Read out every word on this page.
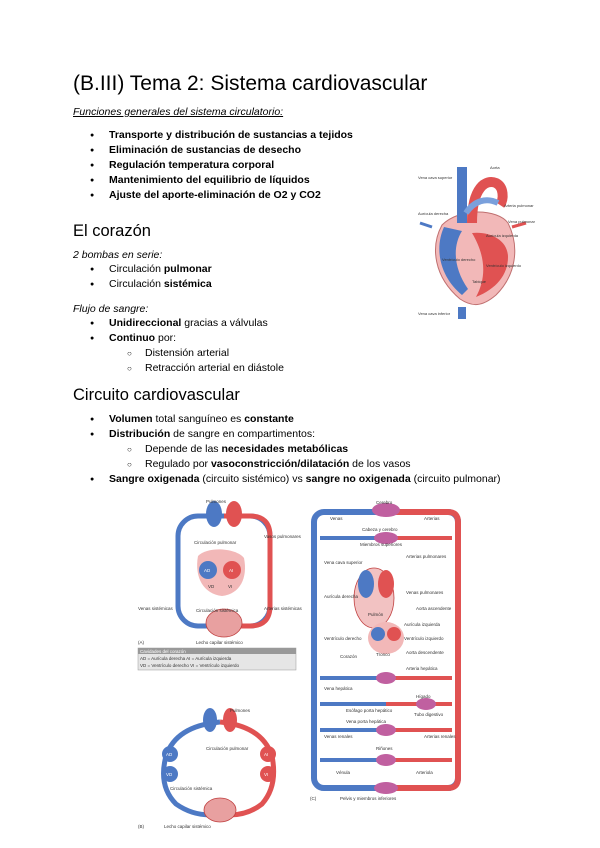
(B.III) Tema 2: Sistema cardiovascular
Funciones generales del sistema circulatorio:
● Transporte y distribución de sustancias a tejidos
● Eliminación de sustancias de desecho
● Regulación temperatura corporal
● Mantenimiento del equilibrio de líquidos
● Ajuste del aporte-eliminación de O2 y CO2
El corazón
2 bombas en serie:
● Circulación pulmonar
● Circulación sistémica
Flujo de sangre:
● Unidireccional gracias a válvulas
● Continuo por:
○ Distensión arterial
○ Retracción arterial en diástole
Circuito cardiovascular
● Volumen total sanguíneo es constante
● Distribución de sangre en compartimentos:
○ Depende de las necesidades metabólicas
○ Regulado por vasoconstricción/dilatación de los vasos
● Sangre oxigenada (circuito sistémico) vs sangre no oxigenada (circuito pulmonar)
Vena cava superior
Aorta
Arteria pulmonar
Aurícula derecha
Aurícula izquierda
Vena pulmonar
Ventrículo derecho
Ventrículo izquierdo
Tabique
Vena cava inferior
AD	AI
VD	VI
Pulmones
Vasos pulmonares
Circulación pulmonar
Venas sistémicas	Circulación sistémica	Arterias sistémicas
Lecho capilar sistémico
(A)
Cavidades del corazón
AD = Aurícula derecha AI = Aurícula izquierda
VD = Ventrículo derecho VI = Ventrículo izquierdo
AD	AI
VD	VI
Pulmones
Circulación pulmonar
Circulación sistémica
Lecho capilar sistémico
(B)
Cerebro
Venas	Arterias
Cabeza y cerebro
Miembros superiores
Vena cava superior
Arterias pulmonares
Aurícula derecha
Pulmón
Venas pulmonares
Aorta ascendente
Ventrículo derecho
Corazón
Aurícula izquierda
Ventrículo izquierdo
Aorta descendente
Tronco
Vena hepática
Arteria hepática
Hígado
Esófago porta hepático
Vena porta hepática
Tubo digestivo
Arterias renales
Venas renales
Riñones
Vénula	Arteriola
Pelvis y miembros inferiores
(C)
